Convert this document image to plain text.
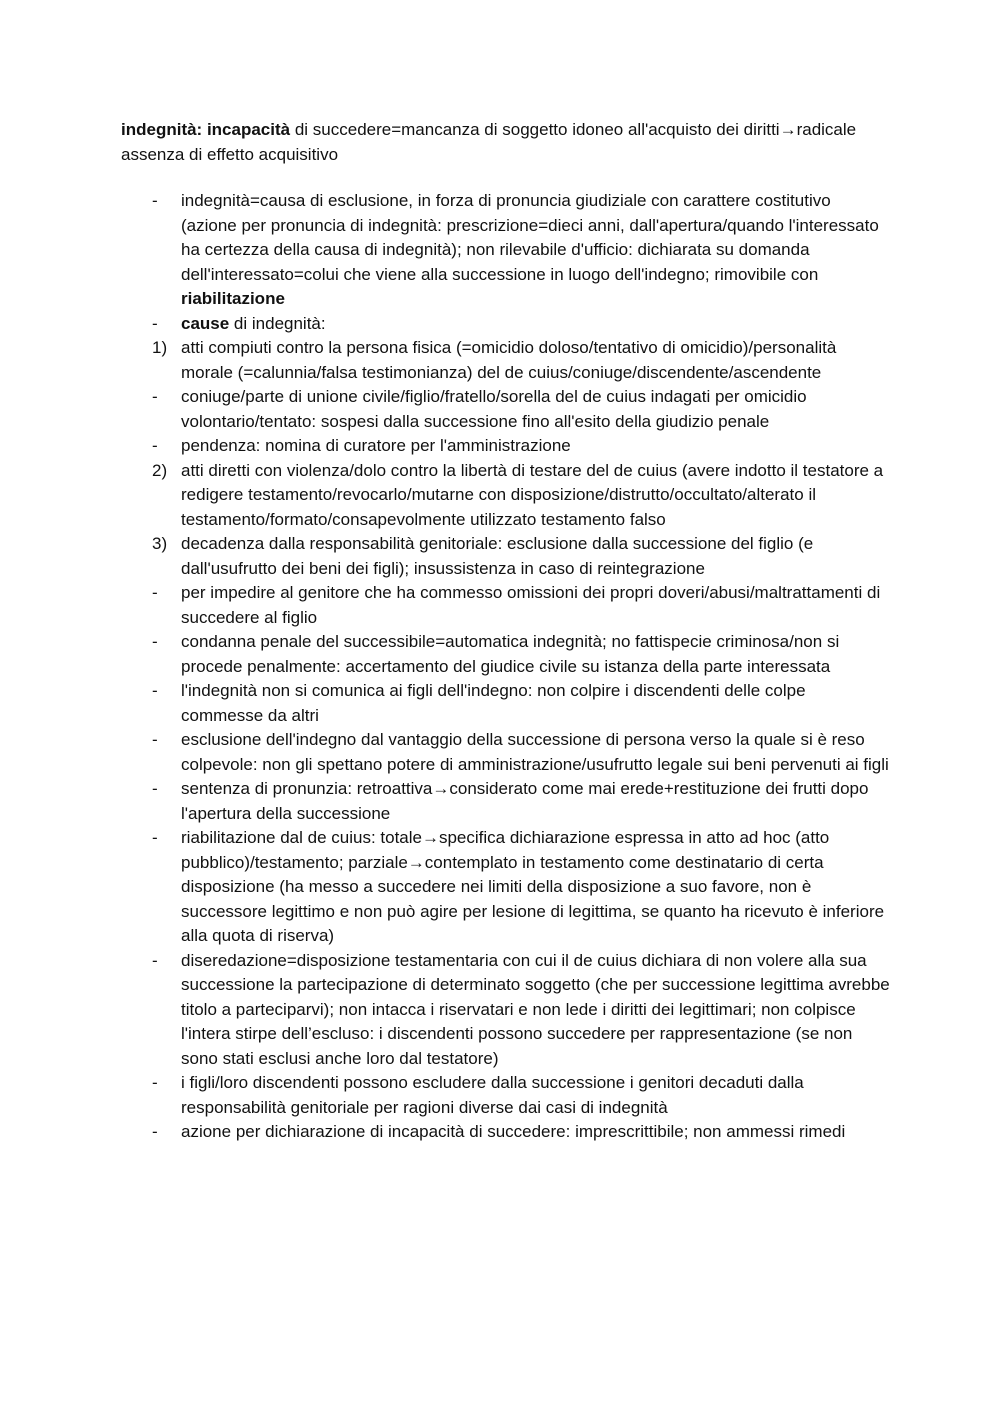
indegnità: incapacità di succedere=mancanza di soggetto idoneo all'acquisto dei diritti→radicale assenza di effetto acquisitivo

-	indegnità=causa di esclusione, in forza di pronuncia giudiziale con carattere costitutivo (azione per pronuncia di indegnità: prescrizione=dieci anni, dall'apertura/quando l'interessato ha certezza della causa di indegnità); non rilevabile d'ufficio: dichiarata su domanda dell'interessato=colui che viene alla successione in luogo dell'indegno; rimovibile con riabilitazione
-	cause di indegnità:
1) atti compiuti contro la persona fisica (=omicidio doloso/tentativo di omicidio)/personalità morale (=calunnia/falsa testimonianza) del de cuius/coniuge/discendente/ascendente
-	coniuge/parte di unione civile/figlio/fratello/sorella del de cuius indagati per omicidio volontario/tentato: sospesi dalla successione fino all'esito della giudizio penale
-	pendenza: nomina di curatore per l'amministrazione
2) atti diretti con violenza/dolo contro la libertà di testare del de cuius (avere indotto il testatore a redigere testamento/revocarlo/mutarne con disposizione/distrutto/occultato/alterato il testamento/formato/consapevolmente utilizzato testamento falso
3) decadenza dalla responsabilità genitoriale: esclusione dalla successione del figlio (e dall'usufrutto dei beni dei figli); insussistenza in caso di reintegrazione
-	per impedire al genitore che ha commesso omissioni dei propri doveri/abusi/maltrattamenti di succedere al figlio
-	condanna penale del successibile=automatica indegnità; no fattispecie criminosa/non si procede penalmente: accertamento del giudice civile su istanza della parte interessata
-	l'indegnità non si comunica ai figli dell'indegno: non colpire i discendenti delle colpe commesse da altri
-	esclusione dell'indegno dal vantaggio della successione di persona verso la quale si è reso colpevole: non gli spettano potere di amministrazione/usufrutto legale sui beni pervenuti ai figli
-	sentenza di pronunzia: retroattiva→considerato come mai erede+restituzione dei frutti dopo l'apertura della successione
-	riabilitazione dal de cuius: totale→specifica dichiarazione espressa in atto ad hoc (atto pubblico)/testamento; parziale→contemplato in testamento come destinatario di certa disposizione (ha messo a succedere nei limiti della disposizione a suo favore, non è successore legittimo e non può agire per lesione di legittima, se quanto ha ricevuto è inferiore alla quota di riserva)
-	diseredazione=disposizione testamentaria con cui il de cuius dichiara di non volere alla sua successione la partecipazione di determinato soggetto (che per successione legittima avrebbe titolo a parteciparvi); non intacca i riservatari e non lede i diritti dei legittimari; non colpisce l'intera stirpe dell’escluso: i discendenti possono succedere per rappresentazione (se non sono stati esclusi anche loro dal testatore)
-	i figli/loro discendenti possono escludere dalla successione i genitori decaduti dalla responsabilità genitoriale per ragioni diverse dai casi di indegnità
-	azione per dichiarazione di incapacità di succedere: imprescrittibile; non ammessi rimedi
